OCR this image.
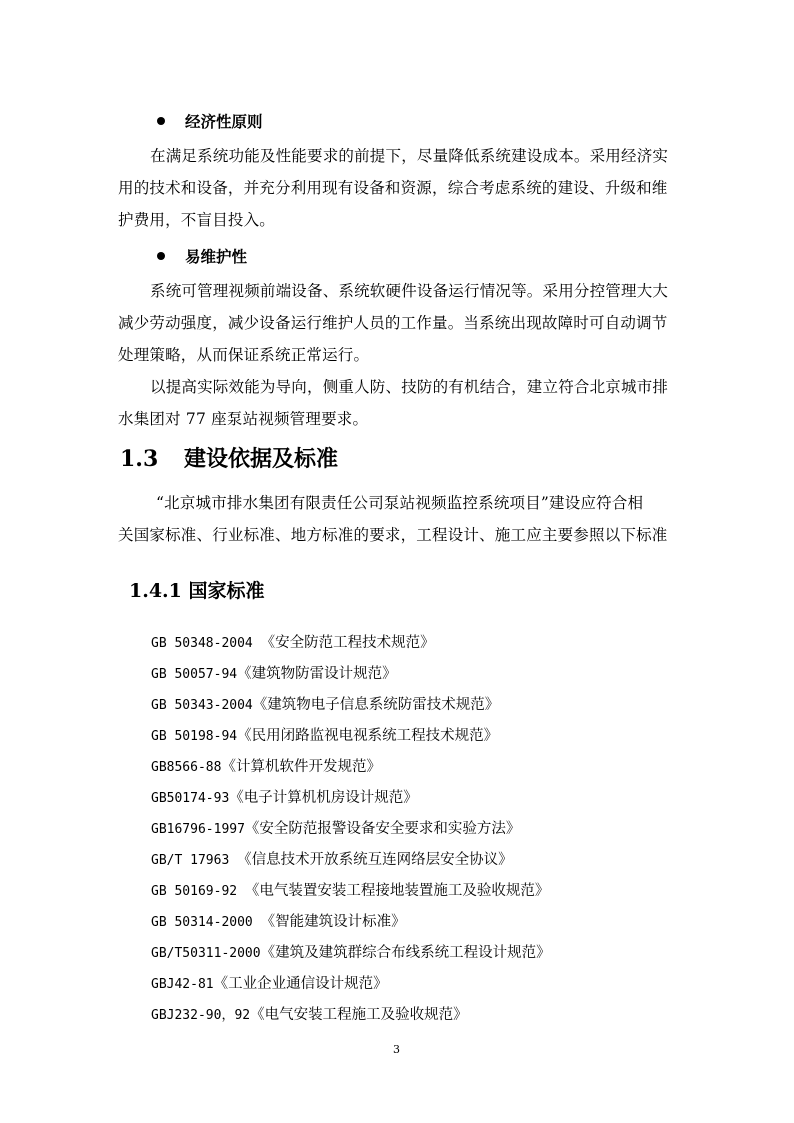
经济性原则
在满足系统功能及性能要求的前提下，尽量降低系统建设成本。采用经济实
用的技术和设备，并充分利用现有设备和资源，综合考虑系统的建设、升级和维
护费用，不盲目投入。
易维护性
系统可管理视频前端设备、系统软硬件设备运行情况等。采用分控管理大大
减少劳动强度，减少设备运行维护人员的工作量。当系统出现故障时可自动调节
处理策略，从而保证系统正常运行。
以提高实际效能为导向，侧重人防、技防的有机结合，建立符合北京城市排
水集团对 77 座泵站视频管理要求。
1.3 建设依据及标准
“北京城市排水集团有限责任公司泵站视频监控系统项目”建设应符合相
关国家标准、行业标准、地方标准的要求，工程设计、施工应主要参照以下标准
1.4.1 国家标准
GB 50348-2004 《安全防范工程技术规范》
GB 50057-94《建筑物防雷设计规范》
GB 50343-2004《建筑物电子信息系统防雷技术规范》
GB 50198-94《民用闭路监视电视系统工程技术规范》
GB8566-88《计算机软件开发规范》
GB50174-93《电子计算机机房设计规范》
GB16796-1997《安全防范报警设备安全要求和实验方法》
GB/T 17963 《信息技术开放系统互连网络层安全协议》
GB 50169-92 《电气装置安装工程接地装置施工及验收规范》
GB 50314-2000 《智能建筑设计标准》
GB/T50311-2000《建筑及建筑群综合布线系统工程设计规范》
GBJ42-81《工业企业通信设计规范》
GBJ232-90，92《电气安装工程施工及验收规范》
3
